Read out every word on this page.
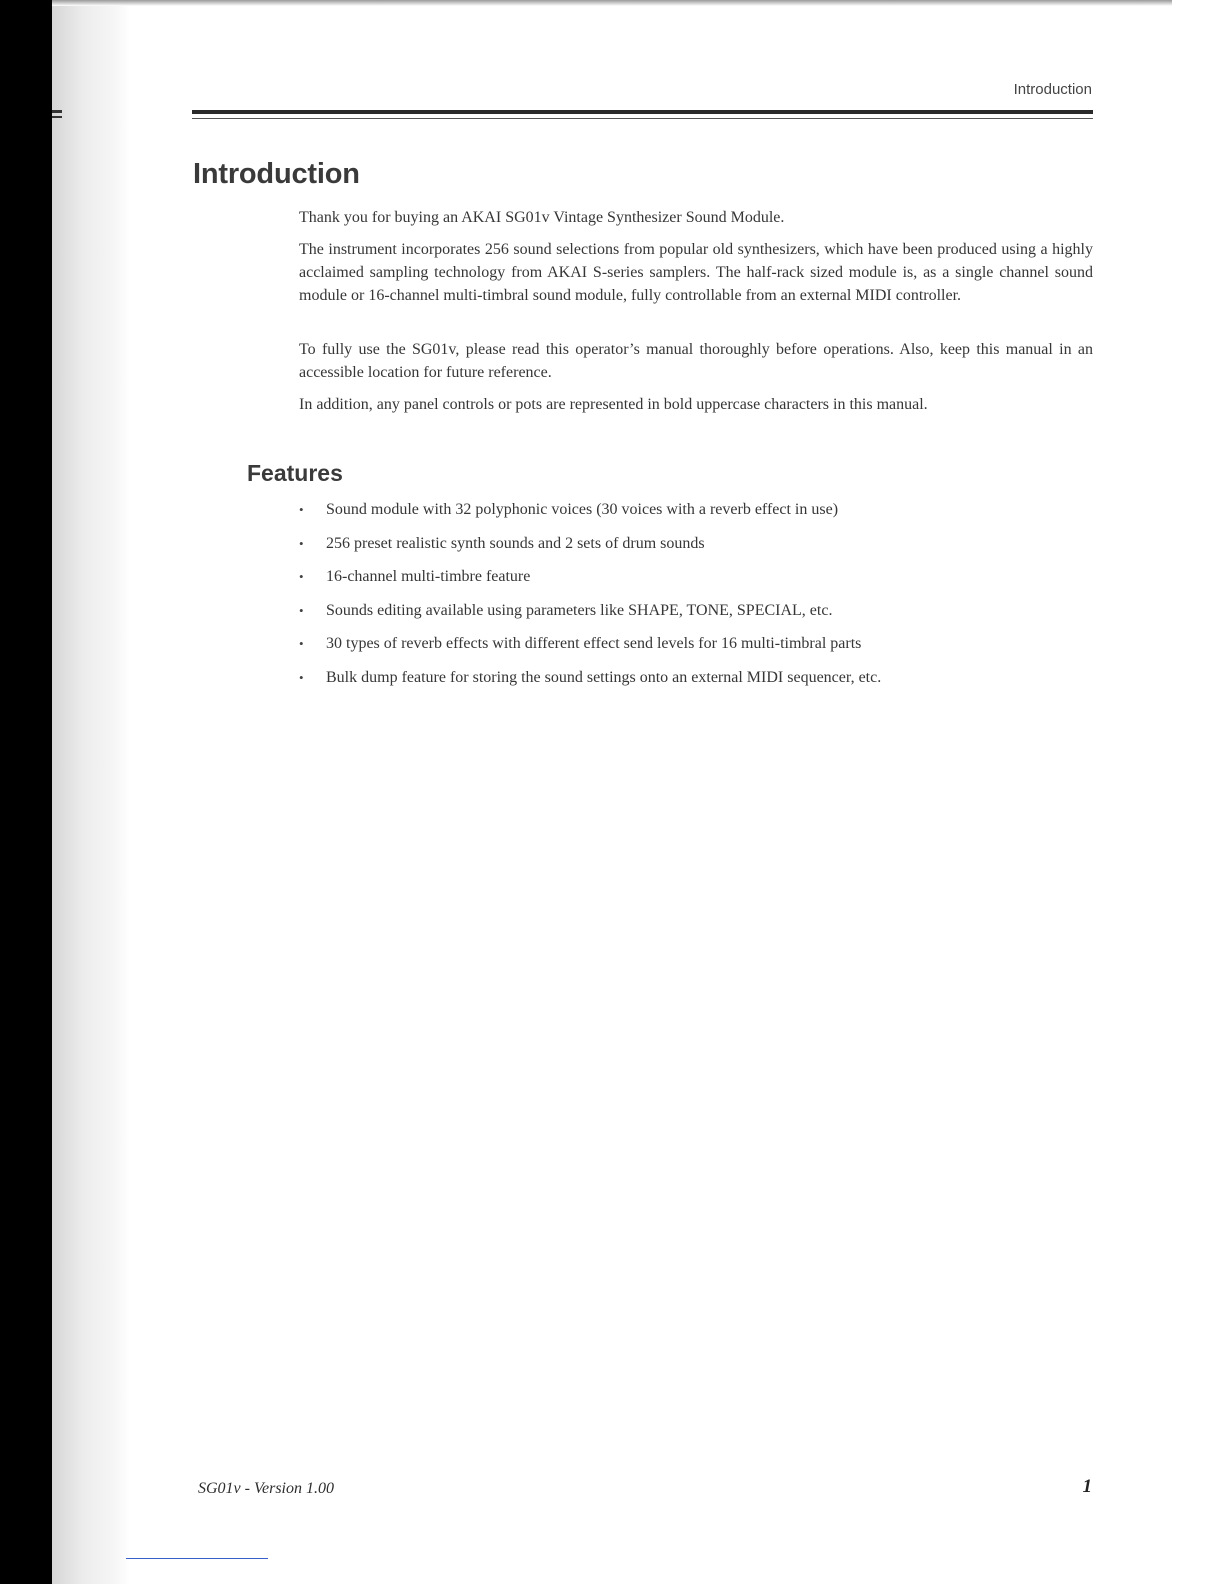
Introduction
Introduction

Thank you for buying an AKAI SG01v Vintage Synthesizer Sound Module.

The instrument incorporates 256 sound selections from popular old synthesizers, which have been produced using a highly acclaimed sampling technology from AKAI S-series samplers. The half-rack sized module is, as a single channel sound module or 16-channel multi-timbral sound module, fully controllable from an external MIDI controller.

To fully use the SG01v, please read this operator’s manual thoroughly before operations. Also, keep this manual in an accessible location for future reference.

In addition, any panel controls or pots are represented in bold uppercase characters in this manual.

Features
• Sound module with 32 polyphonic voices (30 voices with a reverb effect in use)
• 256 preset realistic synth sounds and 2 sets of drum sounds
• 16-channel multi-timbre feature
• Sounds editing available using parameters like SHAPE, TONE, SPECIAL, etc.
• 30 types of reverb effects with different effect send levels for 16 multi-timbral parts
• Bulk dump feature for storing the sound settings onto an external MIDI sequencer, etc.
SG01v - Version 1.00	1
